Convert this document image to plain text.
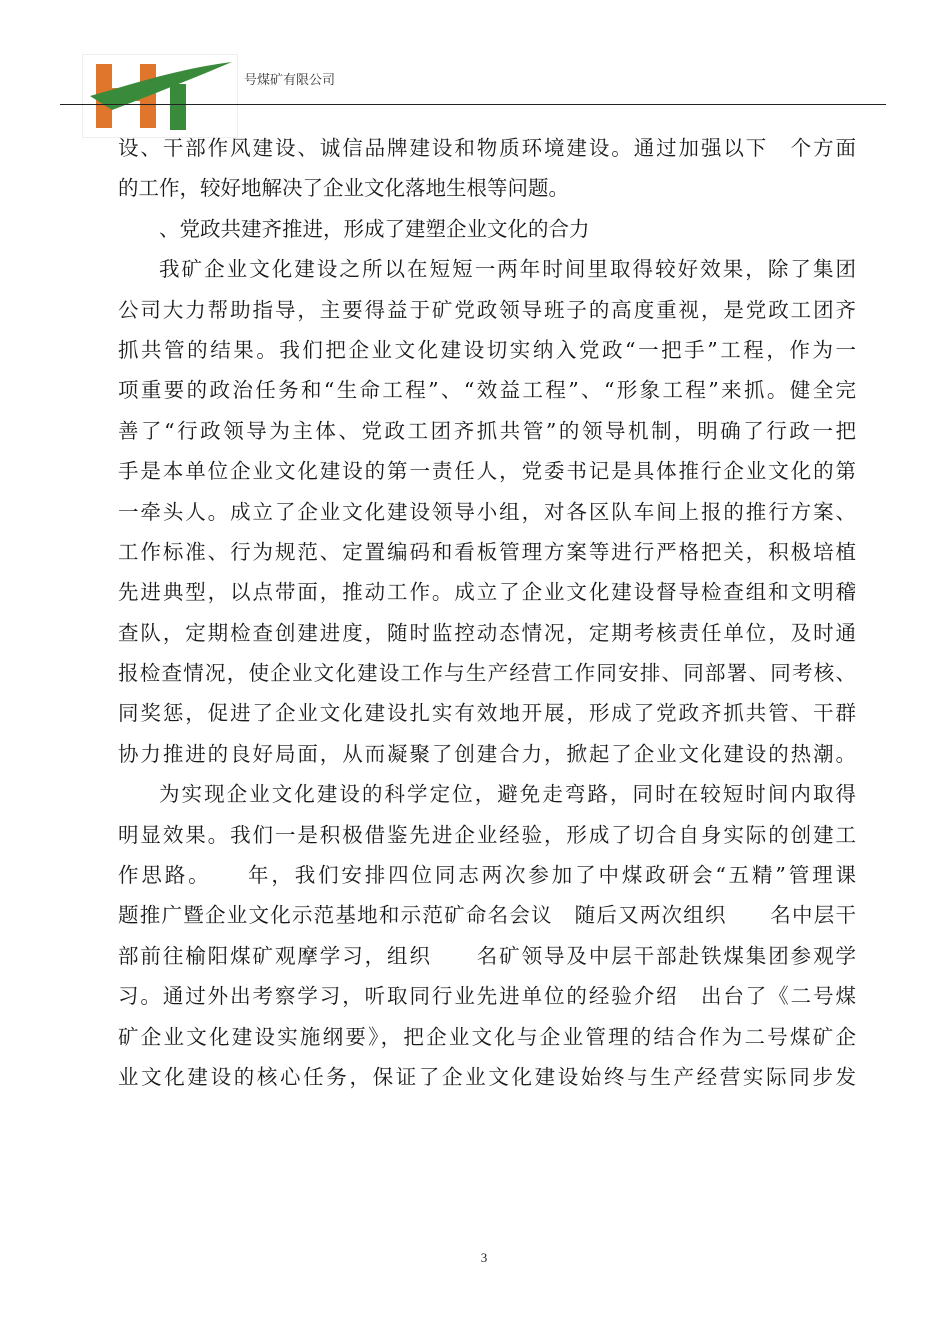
号煤矿有限公司
设、干部作风建设、诚信品牌建设和物质环境建设。通过加强以下　个方面
的工作，较好地解决了企业文化落地生根等问题。
、党政共建齐推进，形成了建塑企业文化的合力
我矿企业文化建设之所以在短短一两年时间里取得较好效果，除了集团
公司大力帮助指导，主要得益于矿党政领导班子的高度重视，是党政工团齐
抓共管的结果。我们把企业文化建设切实纳入党政“一把手”工程，作为一
项重要的政治任务和“生命工程”、“效益工程”、“形象工程”来抓。健全完
善了“行政领导为主体、党政工团齐抓共管”的领导机制，明确了行政一把
手是本单位企业文化建设的第一责任人，党委书记是具体推行企业文化的第
一牵头人。成立了企业文化建设领导小组，对各区队车间上报的推行方案、
工作标准、行为规范、定置编码和看板管理方案等进行严格把关，积极培植
先进典型，以点带面，推动工作。成立了企业文化建设督导检查组和文明稽
查队，定期检查创建进度，随时监控动态情况，定期考核责任单位，及时通
报检查情况，使企业文化建设工作与生产经营工作同安排、同部署、同考核、
同奖惩，促进了企业文化建设扎实有效地开展，形成了党政齐抓共管、干群
协力推进的良好局面，从而凝聚了创建合力，掀起了企业文化建设的热潮。
为实现企业文化建设的科学定位，避免走弯路，同时在较短时间内取得
明显效果。我们一是积极借鉴先进企业经验，形成了切合自身实际的创建工
作思路。　　年，我们安排四位同志两次参加了中煤政研会“五精”管理课
题推广暨企业文化示范基地和示范矿命名会议　随后又两次组织　　名中层干
部前往榆阳煤矿观摩学习，组织　　名矿领导及中层干部赴铁煤集团参观学
习。通过外出考察学习，听取同行业先进单位的经验介绍　出台了《二号煤
矿企业文化建设实施纲要》，把企业文化与企业管理的结合作为二号煤矿企
业文化建设的核心任务，保证了企业文化建设始终与生产经营实际同步发
3
